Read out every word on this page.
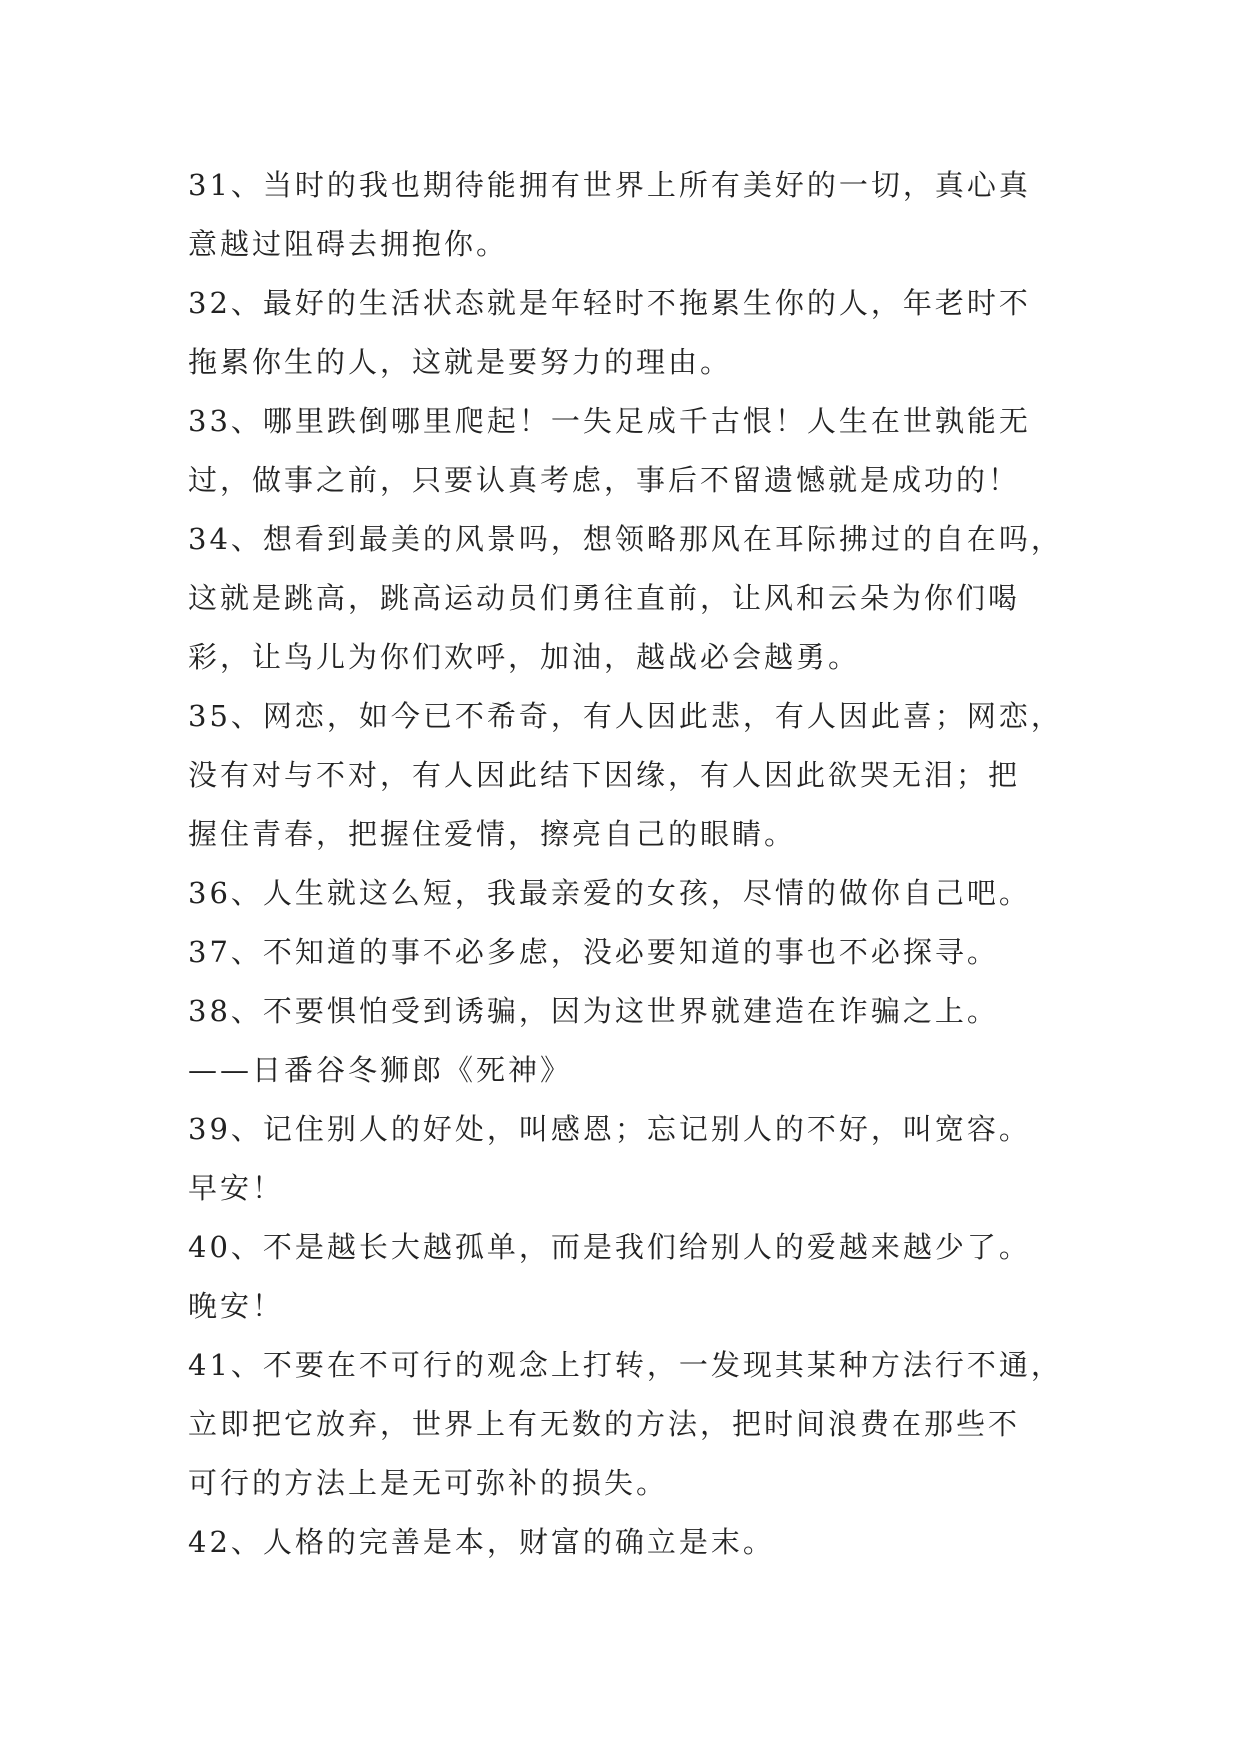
31、当时的我也期待能拥有世界上所有美好的一切，真心真
意越过阻碍去拥抱你。
32、最好的生活状态就是年轻时不拖累生你的人，年老时不
拖累你生的人，这就是要努力的理由。
33、哪里跌倒哪里爬起！一失足成千古恨！人生在世孰能无
过，做事之前，只要认真考虑，事后不留遗憾就是成功的！
34、想看到最美的风景吗，想领略那风在耳际拂过的自在吗，
这就是跳高，跳高运动员们勇往直前，让风和云朵为你们喝
彩，让鸟儿为你们欢呼，加油，越战必会越勇。
35、网恋，如今已不希奇，有人因此悲，有人因此喜；网恋，
没有对与不对，有人因此结下因缘，有人因此欲哭无泪；把
握住青春，把握住爱情，擦亮自己的眼睛。
36、人生就这么短，我最亲爱的女孩，尽情的做你自己吧。
37、不知道的事不必多虑，没必要知道的事也不必探寻。
38、不要惧怕受到诱骗，因为这世界就建造在诈骗之上。
——日番谷冬狮郎《死神》
39、记住别人的好处，叫感恩；忘记别人的不好，叫宽容。
早安！
40、不是越长大越孤单，而是我们给别人的爱越来越少了。
晚安！
41、不要在不可行的观念上打转，一发现其某种方法行不通，
立即把它放弃，世界上有无数的方法，把时间浪费在那些不
可行的方法上是无可弥补的损失。
42、人格的完善是本，财富的确立是末。
